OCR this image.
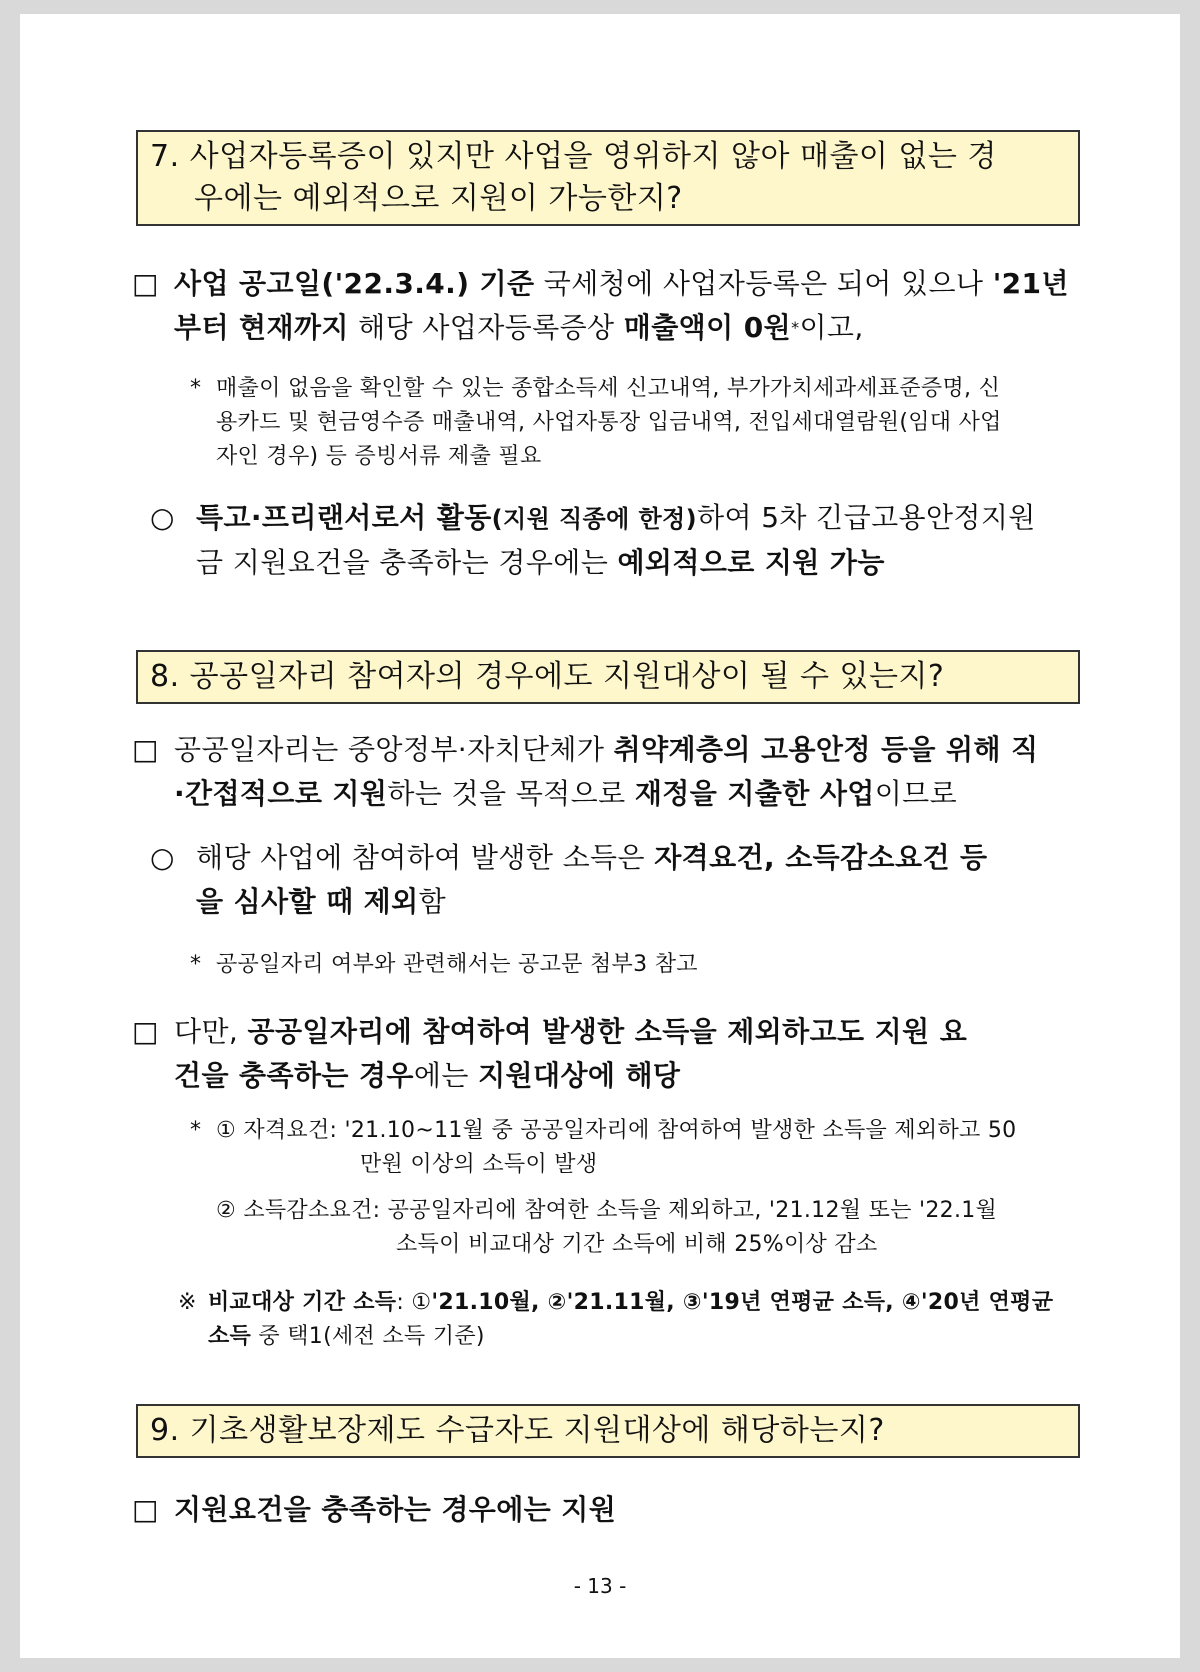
7. 사업자등록증이 있지만 사업을 영위하지 않아 매출이 없는 경
우에는 예외적으로 지원이 가능한지?
□ 사업 공고일('22.3.4.) 기준 국세청에 사업자등록은 되어 있으나 '21년
부터 현재까지 해당 사업자등록증상 매출액이 0원*이고,
* 매출이 없음을 확인할 수 있는 종합소득세 신고내역, 부가가치세과세표준증명, 신
용카드 및 현금영수증 매출내역, 사업자통장 입금내역, 전입세대열람원(임대 사업
자인 경우) 등 증빙서류 제출 필요
○ 특고·프리랜서로서 활동(지원 직종에 한정)하여 5차 긴급고용안정지원
금 지원요건을 충족하는 경우에는 예외적으로 지원 가능
8. 공공일자리 참여자의 경우에도 지원대상이 될 수 있는지?
□ 공공일자리는 중앙정부·자치단체가 취약계층의 고용안정 등을 위해 직
·간접적으로 지원하는 것을 목적으로 재정을 지출한 사업이므로
○ 해당 사업에 참여하여 발생한 소득은 자격요건, 소득감소요건 등
을 심사할 때 제외함
* 공공일자리 여부와 관련해서는 공고문 첨부3 참고
□ 다만, 공공일자리에 참여하여 발생한 소득을 제외하고도 지원 요
건을 충족하는 경우에는 지원대상에 해당
* ① 자격요건: '21.10~11월 중 공공일자리에 참여하여 발생한 소득을 제외하고 50
만원 이상의 소득이 발생
② 소득감소요건: 공공일자리에 참여한 소득을 제외하고, '21.12월 또는 '22.1월
소득이 비교대상 기간 소득에 비해 25%이상 감소
※ 비교대상 기간 소득: ①'21.10월, ②'21.11월, ③'19년 연평균 소득, ④'20년 연평균
소득 중 택1(세전 소득 기준)
9. 기초생활보장제도 수급자도 지원대상에 해당하는지?
□ 지원요건을 충족하는 경우에는 지원
- 13 -
